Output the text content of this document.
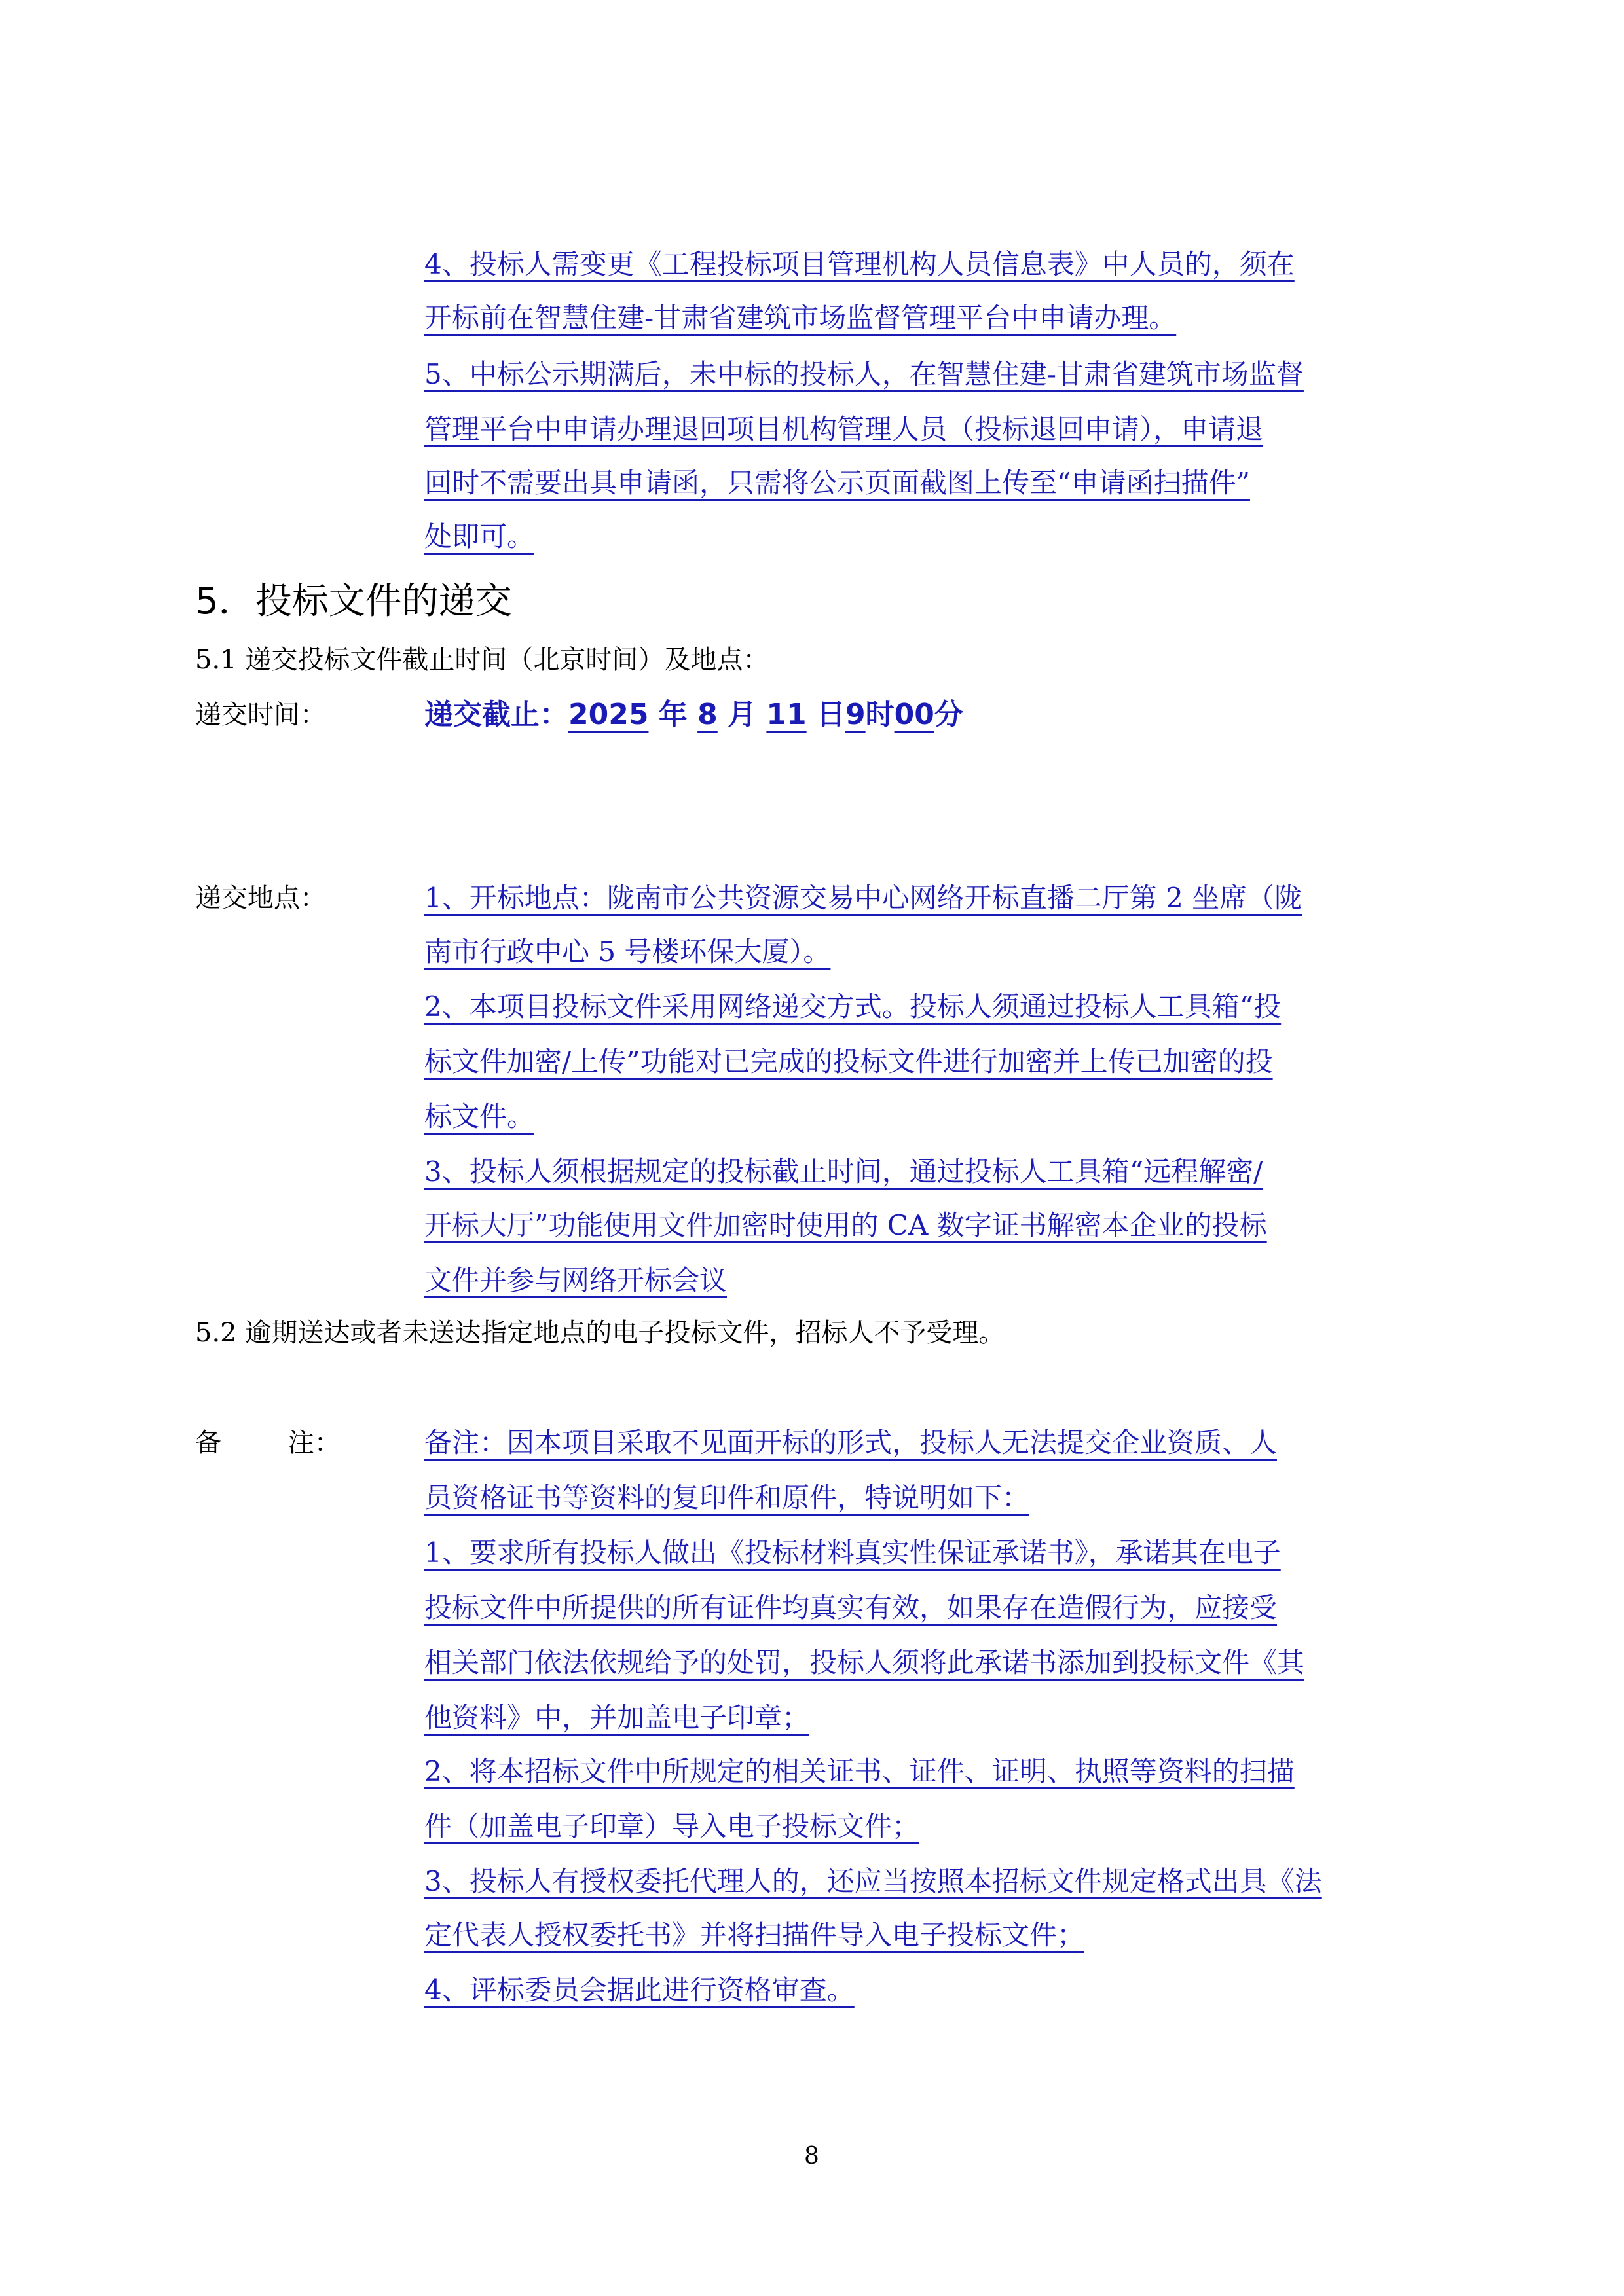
4、投标人需变更《工程投标项目管理机构人员信息表》中人员的，须在
开标前在智慧住建-甘肃省建筑市场监督管理平台中申请办理。
5、中标公示期满后，未中标的投标人，在智慧住建-甘肃省建筑市场监督
管理平台中申请办理退回项目机构管理人员（投标退回申请），申请退
回时不需要出具申请函，只需将公示页面截图上传至“申请函扫描件”
处即可。
5．投标文件的递交
5.1 递交投标文件截止时间（北京时间）及地点：
递交时间：	递交截止：2025 年 8 月 11 日9时00分
递交地点：	1、开标地点：陇南市公共资源交易中心网络开标直播二厅第 2 坐席（陇
南市行政中心 5 号楼环保大厦）。
2、本项目投标文件采用网络递交方式。投标人须通过投标人工具箱“投
标文件加密/上传”功能对已完成的投标文件进行加密并上传已加密的投
标文件。
3、投标人须根据规定的投标截止时间，通过投标人工具箱“远程解密/
开标大厅”功能使用文件加密时使用的 CA 数字证书解密本企业的投标
文件并参与网络开标会议
5.2 逾期送达或者未送达指定地点的电子投标文件，招标人不予受理。
备        注：	备注：因本项目采取不见面开标的形式，投标人无法提交企业资质、人
员资格证书等资料的复印件和原件，特说明如下：
1、要求所有投标人做出《投标材料真实性保证承诺书》，承诺其在电子
投标文件中所提供的所有证件均真实有效，如果存在造假行为，应接受
相关部门依法依规给予的处罚，投标人须将此承诺书添加到投标文件《其
他资料》中，并加盖电子印章；
2、将本招标文件中所规定的相关证书、证件、证明、执照等资料的扫描
件（加盖电子印章）导入电子投标文件；
3、投标人有授权委托代理人的，还应当按照本招标文件规定格式出具《法
定代表人授权委托书》并将扫描件导入电子投标文件；
4、评标委员会据此进行资格审查。
8
